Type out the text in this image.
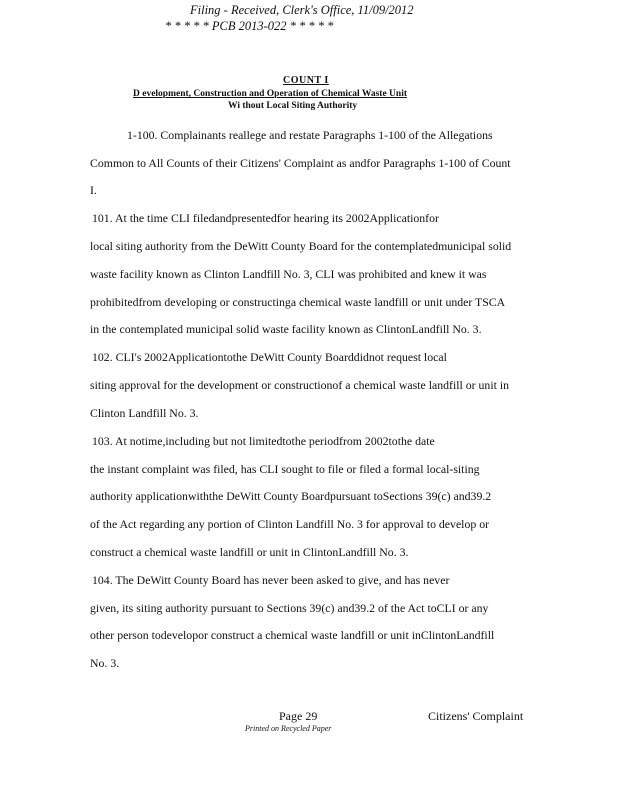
Filing - Received, Clerk's Office, 11/09/2012
* * * * * PCB 2013-022 * * * * *
COUNT I
D evelopment, Construction and Operation of Chemical Waste Unit
Wi thout Local Siting Authority
1-100. Complainants reallege and restate Paragraphs 1-100 of the Allegations
Common to All Counts of their Citizens' Complaint as andfor Paragraphs 1-100 of Count
I.
101. At the time CLI filedandpresentedfor hearing its 2002Applicationfor
local siting authority from the DeWitt County Board for the contemplatedmunicipal solid
waste facility known as Clinton Landfill No. 3, CLI was prohibited and knew it was
prohibitedfrom developing or constructinga chemical waste landfill or unit under TSCA
in the contemplated municipal solid waste facility known as ClintonLandfill No. 3.
102. CLI's 2002Applicationtothe DeWitt County Boarddidnot request local
siting approval for the development or constructionof a chemical waste landfill or unit in
Clinton Landfill No. 3.
103. At notime,including but not limitedtothe periodfrom 2002tothe date
the instant complaint was filed, has CLI sought to file or filed a formal local-siting
authority applicationwiththe DeWitt County Boardpursuant toSections 39(c) and39.2
of the Act regarding any portion of Clinton Landfill No. 3 for approval to develop or
construct a chemical waste landfill or unit in ClintonLandfill No. 3.
104. The DeWitt County Board has never been asked to give, and has never
given, its siting authority pursuant to Sections 39(c) and39.2 of the Act toCLI or any
other person todevelopor construct a chemical waste landfill or unit inClintonLandfill
No. 3.
Page 29	Citizens' Complaint
Printed on Recycled Paper
